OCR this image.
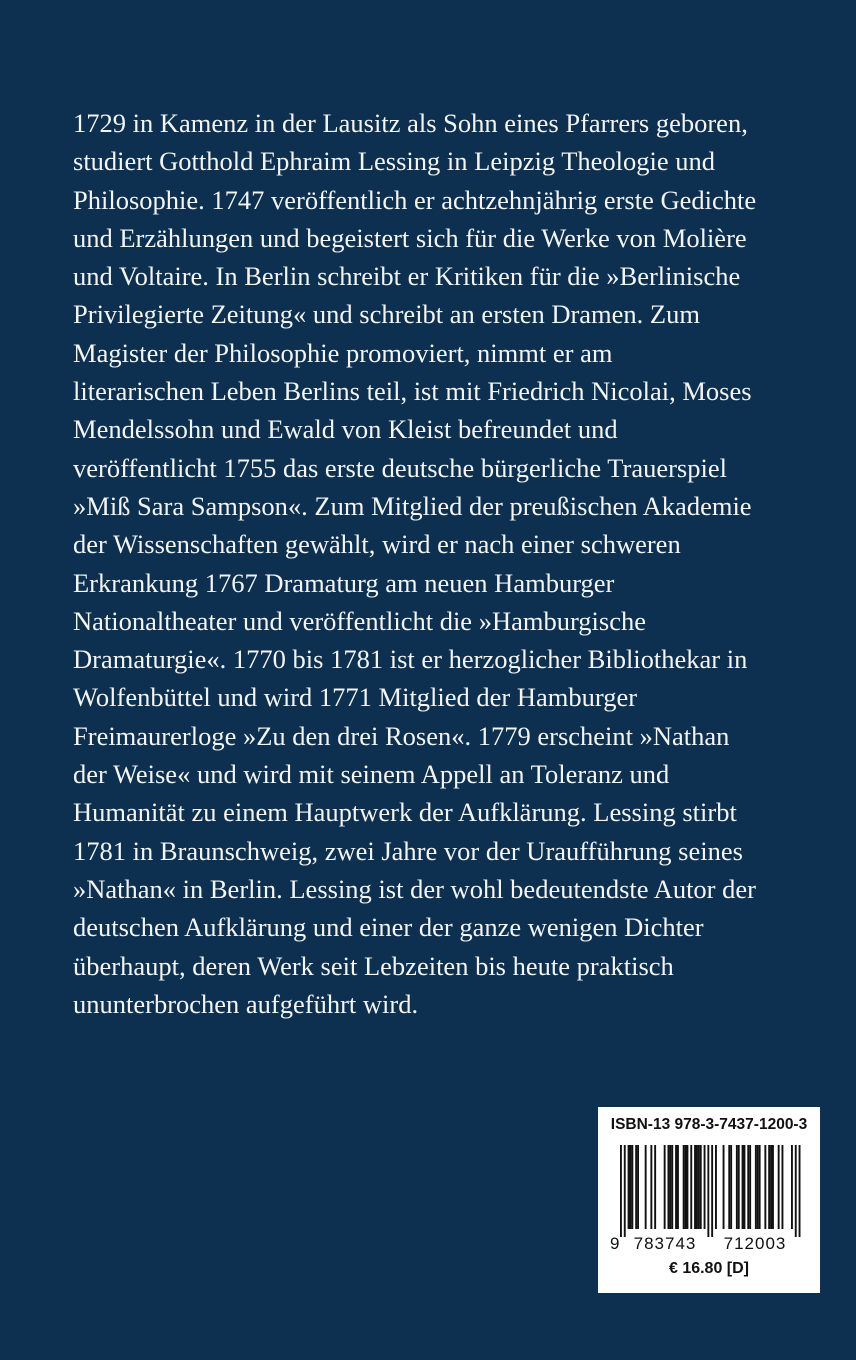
1729 in Kamenz in der Lausitz als Sohn eines Pfarrers geboren,
studiert Gotthold Ephraim Lessing in Leipzig Theologie und
Philosophie. 1747 veröffentlich er achtzehnjährig erste Gedichte
und Erzählungen und begeistert sich für die Werke von Molière
und Voltaire. In Berlin schreibt er Kritiken für die »Berlinische
Privilegierte Zeitung« und schreibt an ersten Dramen. Zum
Magister der Philosophie promoviert, nimmt er am
literarischen Leben Berlins teil, ist mit Friedrich Nicolai, Moses
Mendelssohn und Ewald von Kleist befreundet und
veröffentlicht 1755 das erste deutsche bürgerliche Trauerspiel
»Miß Sara Sampson«. Zum Mitglied der preußischen Akademie
der Wissenschaften gewählt, wird er nach einer schweren
Erkrankung 1767 Dramaturg am neuen Hamburger
Nationaltheater und veröffentlicht die »Hamburgische
Dramaturgie«. 1770 bis 1781 ist er herzoglicher Bibliothekar in
Wolfenbüttel und wird 1771 Mitglied der Hamburger
Freimaurerloge »Zu den drei Rosen«. 1779 erscheint »Nathan
der Weise« und wird mit seinem Appell an Toleranz und
Humanität zu einem Hauptwerk der Aufklärung. Lessing stirbt
1781 in Braunschweig, zwei Jahre vor der Uraufführung seines
»Nathan« in Berlin. Lessing ist der wohl bedeutendste Autor der
deutschen Aufklärung und einer der ganze wenigen Dichter
überhaupt, deren Werk seit Lebzeiten bis heute praktisch
ununterbrochen aufgeführt wird.
ISBN-13 978-3-7437-1200-3
9 783743 712003
€ 16.80 [D]
